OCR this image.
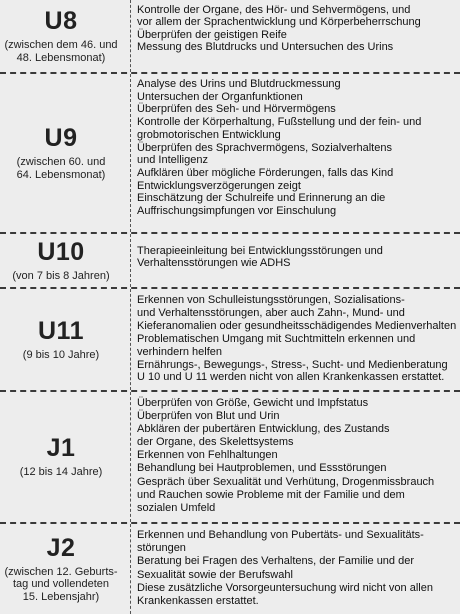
U8
(zwischen dem 46. und
48. Lebensmonat)
Kontrolle der Organe, des Hör- und Sehvermögens, und
vor allem der Sprachentwicklung und Körperbeherrschung
Überprüfen der geistigen Reife
Messung des Blutdrucks und Untersuchen des Urins
U9
(zwischen 60. und
64. Lebensmonat)
Analyse des Urins und Blutdruckmessung
Untersuchen der Organfunktionen
Überprüfen des Seh- und Hörvermögens
Kontrolle der Körperhaltung, Fußstellung und der fein- und
grobmotorischen Entwicklung
Überprüfen des Sprachvermögens, Sozialverhaltens
und Intelligenz
Aufklären über mögliche Förderungen, falls das Kind
Entwicklungsverzögerungen zeigt
Einschätzung der Schulreife und Erinnerung an die
Auffrischungsimpfungen vor Einschulung
U10
(von 7 bis 8 Jahren)
Therapieeinleitung bei Entwicklungsstörungen und
Verhaltensstörungen wie ADHS
U11
(9 bis 10 Jahre)
Erkennen von Schulleistungsstörungen, Sozialisations-
und Verhaltensstörungen, aber auch Zahn-, Mund- und
Kieferanomalien oder gesundheitsschädigendes Medienverhalten
Problematischen Umgang mit Suchtmitteln erkennen und
verhindern helfen
Ernährungs-, Bewegungs-, Stress-, Sucht- und Medienberatung
U 10 und U 11 werden nicht von allen Krankenkassen erstattet.
J1
(12 bis 14 Jahre)
Überprüfen von Größe, Gewicht und Impfstatus
Überprüfen von Blut und Urin
Abklären der pubertären Entwicklung, des Zustands
der Organe, des Skelettsystems
Erkennen von Fehlhaltungen
Behandlung bei Hautproblemen, und Essstörungen
Gespräch über Sexualität und Verhütung, Drogenmissbrauch
und Rauchen sowie Probleme mit der Familie und dem
sozialen Umfeld
J2
(zwischen 12. Geburts-
tag und vollendeten
15. Lebensjahr)
Erkennen und Behandlung von Pubertäts- und Sexualitäts-
störungen
Beratung bei Fragen des Verhaltens, der Familie und der
Sexualität sowie der Berufswahl
Diese zusätzliche Vorsorgeuntersuchung wird nicht von allen
Krankenkassen erstattet.
